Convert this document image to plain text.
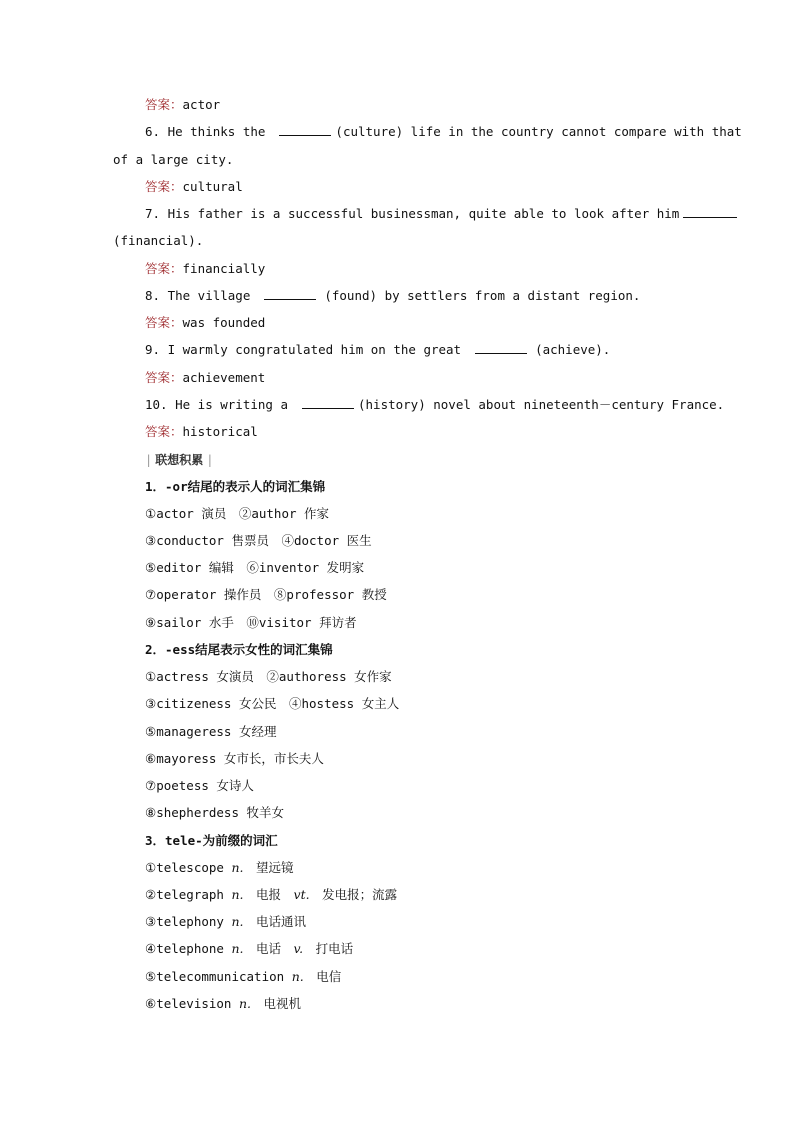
答案：actor
6. He thinks the	(culture) life in the country cannot compare with that
of a large city.
答案：cultural
7. His father is a successful businessman, quite able to look after him
(financial).
答案：financially
8. The village	(found) by settlers from a distant region.
答案：was founded
9. I warmly congratulated him on the great	(achieve).
答案：achievement
10. He is writing a	(history) novel about nineteenth－century France.
答案：historical
| 联想积累 |
1．-or结尾的表示人的词汇集锦
①actor 演员　②author 作家
③conductor 售票员　④doctor 医生
⑤editor 编辑　⑥inventor 发明家
⑦operator 操作员　⑧professor 教授
⑨sailor 水手　⑩visitor 拜访者
2．-ess结尾表示女性的词汇集锦
①actress 女演员　②authoress 女作家
③citizeness 女公民　④hostess 女主人
⑤manageress 女经理
⑥mayoress 女市长，市长夫人
⑦poetess 女诗人
⑧shepherdess 牧羊女
3．tele-为前缀的词汇
①telescope n.　 望远镜
②telegraph n.　 电报　 vt.　 发电报；流露
③telephony n.　 电话通讯
④telephone n.　 电话　 v.　 打电话
⑤telecommunication n.　 电信
⑥television n.　 电视机
